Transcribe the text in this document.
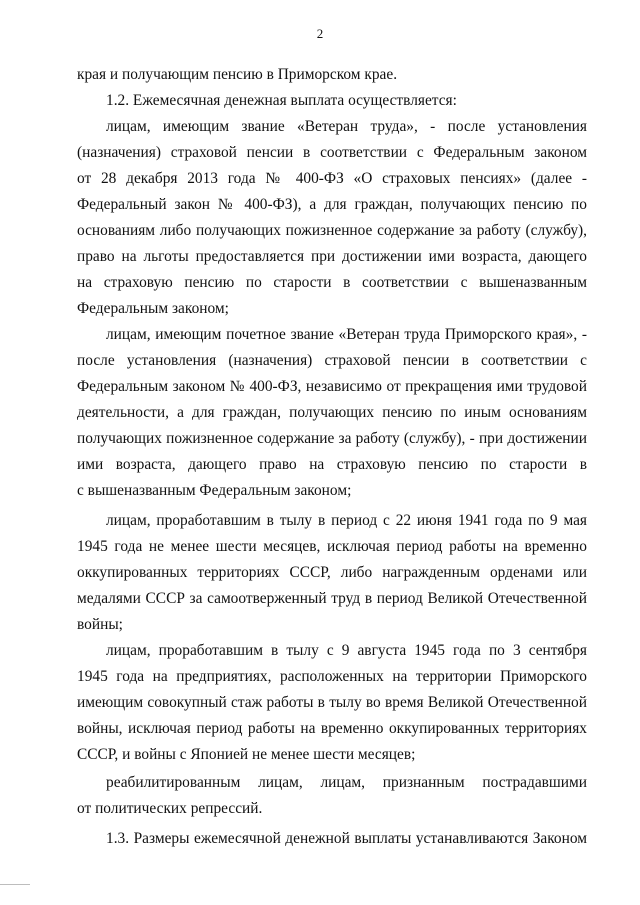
2
края и получающим пенсию в Приморском крае.
1.2. Ежемесячная денежная выплата осуществляется:
лицам, имеющим звание «Ветеран труда», - после установления
(назначения) страховой пенсии в соответствии с Федеральным законом
от 28 декабря 2013 года № 400-ФЗ «О страховых пенсиях» (далее -
Федеральный закон № 400-ФЗ), а для граждан, получающих пенсию по
основаниям либо получающих пожизненное содержание за работу (службу),
право на льготы предоставляется при достижении ими возраста, дающего
на страховую пенсию по старости в соответствии с вышеназванным
Федеральным законом;
лицам, имеющим почетное звание «Ветеран труда Приморского края», -
после установления (назначения) страховой пенсии в соответствии с
Федеральным законом № 400-ФЗ, независимо от прекращения ими трудовой
деятельности, а для граждан, получающих пенсию по иным основаниям
получающих пожизненное содержание за работу (службу), - при достижении
ими возраста, дающего право на страховую пенсию по старости в
с вышеназванным Федеральным законом;
лицам, проработавшим в тылу в период с 22 июня 1941 года по 9 мая
1945 года не менее шести месяцев, исключая период работы на временно
оккупированных территориях СССР, либо награжденным орденами или
медалями СССР за самоотверженный труд в период Великой Отечественной
войны;
лицам, проработавшим в тылу с 9 августа 1945 года по 3 сентября
1945 года на предприятиях, расположенных на территории Приморского
имеющим совокупный стаж работы в тылу во время Великой Отечественной
войны, исключая период работы на временно оккупированных территориях
СССР, и войны с Японией не менее шести месяцев;
реабилитированным лицам, лицам, признанным пострадавшими
от политических репрессий.
1.3. Размеры ежемесячной денежной выплаты устанавливаются Законом
